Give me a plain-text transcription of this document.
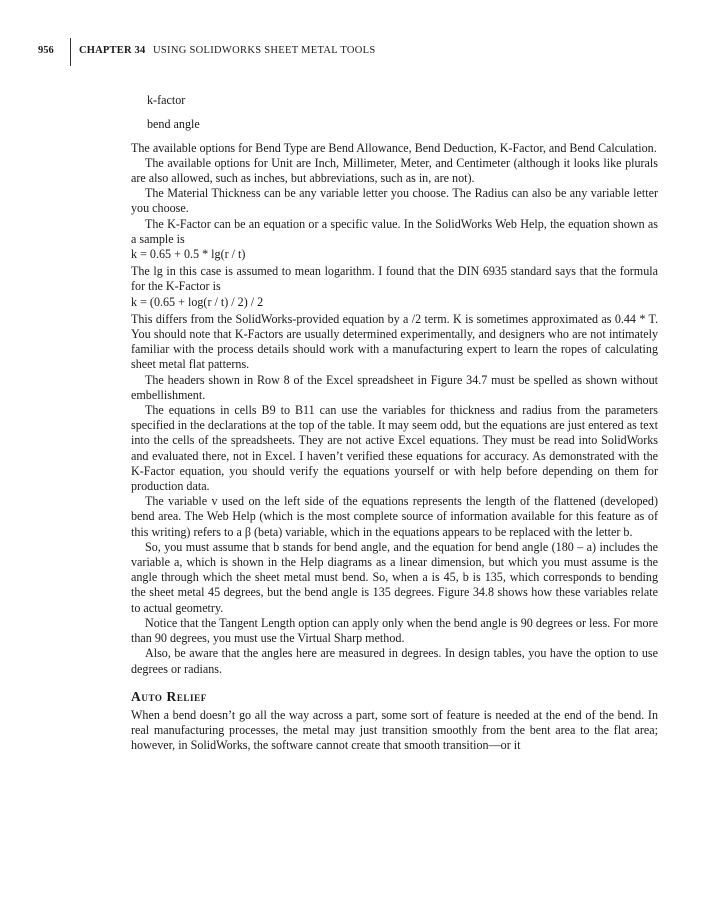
956 CHAPTER 34 USING SOLIDWORKS SHEET METAL TOOLS

k-factor

bend angle

The available options for Bend Type are Bend Allowance, Bend Deduction, K-Factor, and Bend Calculation.

The available options for Unit are Inch, Millimeter, Meter, and Centimeter (although it looks like plurals are also allowed, such as inches, but abbreviations, such as in, are not).

The Material Thickness can be any variable letter you choose. The Radius can also be any variable letter you choose.

The K-Factor can be an equation or a specific value. In the SolidWorks Web Help, the equation shown as a sample is

k = 0.65 + 0.5 * lg(r / t)

The lg in this case is assumed to mean logarithm. I found that the DIN 6935 standard says that the formula for the K-Factor is

k = (0.65 + log(r / t) / 2) / 2

This differs from the SolidWorks-provided equation by a /2 term. K is sometimes approximated as 0.44 * T. You should note that K-Factors are usually determined experimentally, and designers who are not intimately familiar with the process details should work with a manufacturing expert to learn the ropes of calculating sheet metal flat patterns.

The headers shown in Row 8 of the Excel spreadsheet in Figure 34.7 must be spelled as shown without embellishment.

The equations in cells B9 to B11 can use the variables for thickness and radius from the parameters specified in the declarations at the top of the table. It may seem odd, but the equations are just entered as text into the cells of the spreadsheets. They are not active Excel equations. They must be read into SolidWorks and evaluated there, not in Excel. I haven’t verified these equations for accuracy. As demonstrated with the K-Factor equation, you should verify the equations yourself or with help before depending on them for production data.

The variable v used on the left side of the equations represents the length of the flattened (developed) bend area. The Web Help (which is the most complete source of information available for this feature as of this writing) refers to a β (beta) variable, which in the equations appears to be replaced with the letter b.

So, you must assume that b stands for bend angle, and the equation for bend angle (180 – a) includes the variable a, which is shown in the Help diagrams as a linear dimension, but which you must assume is the angle through which the sheet metal must bend. So, when a is 45, b is 135, which corresponds to bending the sheet metal 45 degrees, but the bend angle is 135 degrees. Figure 34.8 shows how these variables relate to actual geometry.

Notice that the Tangent Length option can apply only when the bend angle is 90 degrees or less. For more than 90 degrees, you must use the Virtual Sharp method.

Also, be aware that the angles here are measured in degrees. In design tables, you have the option to use degrees or radians.

Auto Relief

When a bend doesn’t go all the way across a part, some sort of feature is needed at the end of the bend. In real manufacturing processes, the metal may just transition smoothly from the bent area to the flat area; however, in SolidWorks, the software cannot create that smooth transition—or it
